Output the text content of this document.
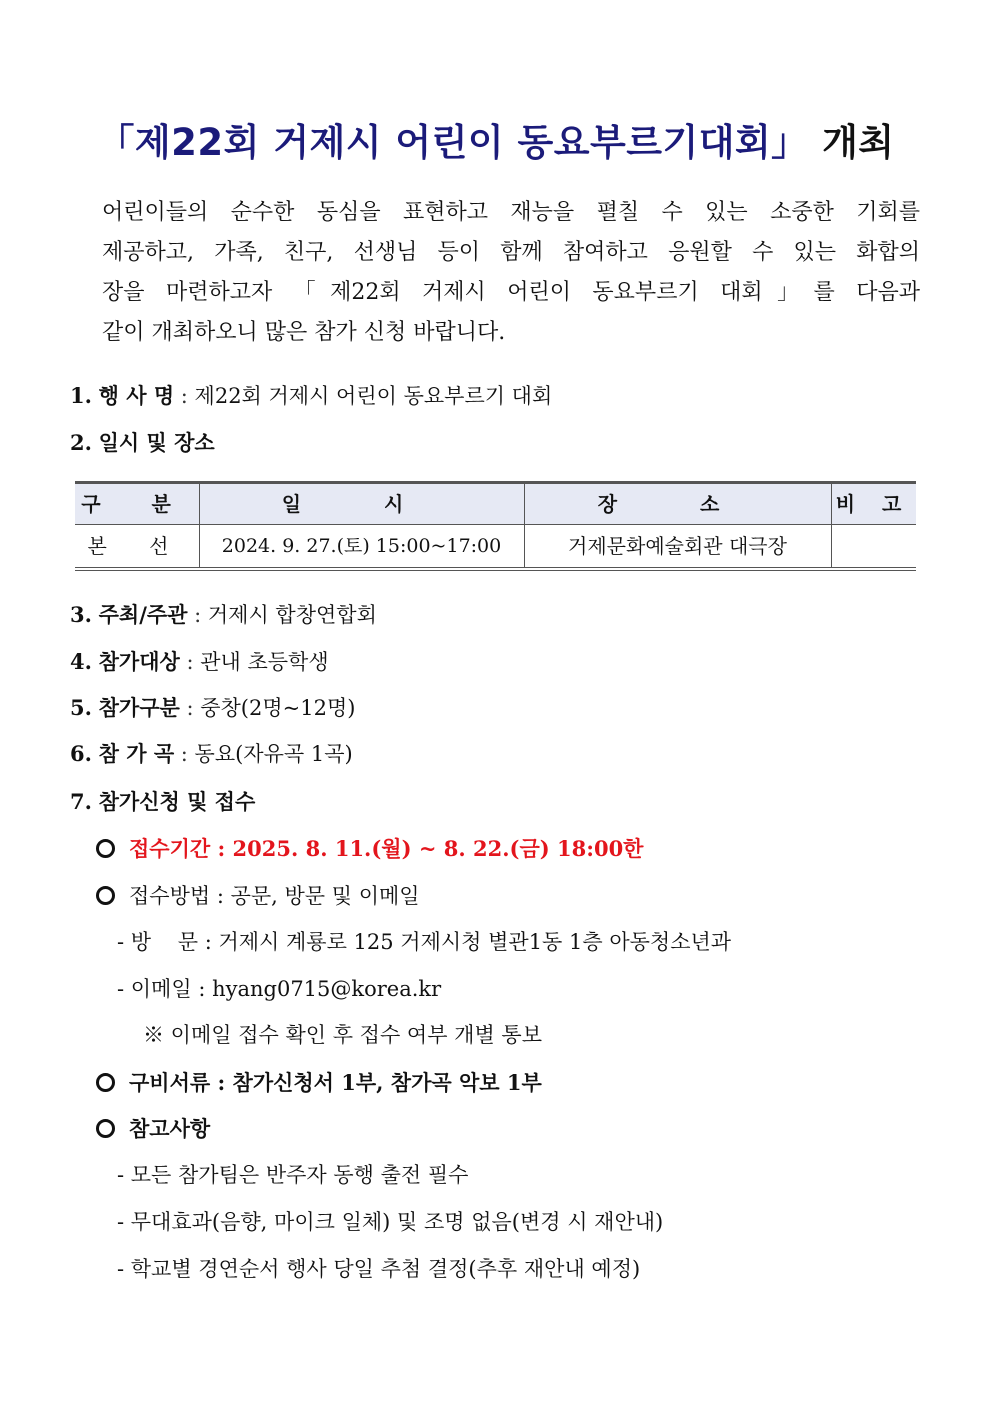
「제22회 거제시 어린이 동요부르기대회」 개최
어린이들의 순수한 동심을 표현하고 재능을 펼칠 수 있는 소중한 기회를
제공하고, 가족, 친구, 선생님 등이 함께 참여하고 응원할 수 있는 화합의
장을 마련하고자 「제22회 거제시 어린이 동요부르기 대회」를 다음과
같이 개최하오니 많은 참가 신청 바랍니다.
1. 행 사 명 : 제22회 거제시 어린이 동요부르기 대회
2. 일시 및 장소
구 분	일 시	장 소	비 고
본 선	2024. 9. 27.(토) 15:00~17:00	거제문화예술회관 대극장
3. 주최/주관 : 거제시 합창연합회
4. 참가대상 : 관내 초등학생
5. 참가구분 : 중창(2명~12명)
6. 참 가 곡 : 동요(자유곡 1곡)
7. 참가신청 및 접수
접수기간 : 2025. 8. 11.(월) ~ 8. 22.(금) 18:00한
접수방법 : 공문, 방문 및 이메일
- 방    문 : 거제시 계룡로 125 거제시청 별관1동 1층 아동청소년과
- 이메일 : hyang0715@korea.kr
※ 이메일 접수 확인 후 접수 여부 개별 통보
구비서류 : 참가신청서 1부, 참가곡 악보 1부
참고사항
- 모든 참가팀은 반주자 동행 출전 필수
- 무대효과(음향, 마이크 일체) 및 조명 없음(변경 시 재안내)
- 학교별 경연순서 행사 당일 추첨 결정(추후 재안내 예정)
